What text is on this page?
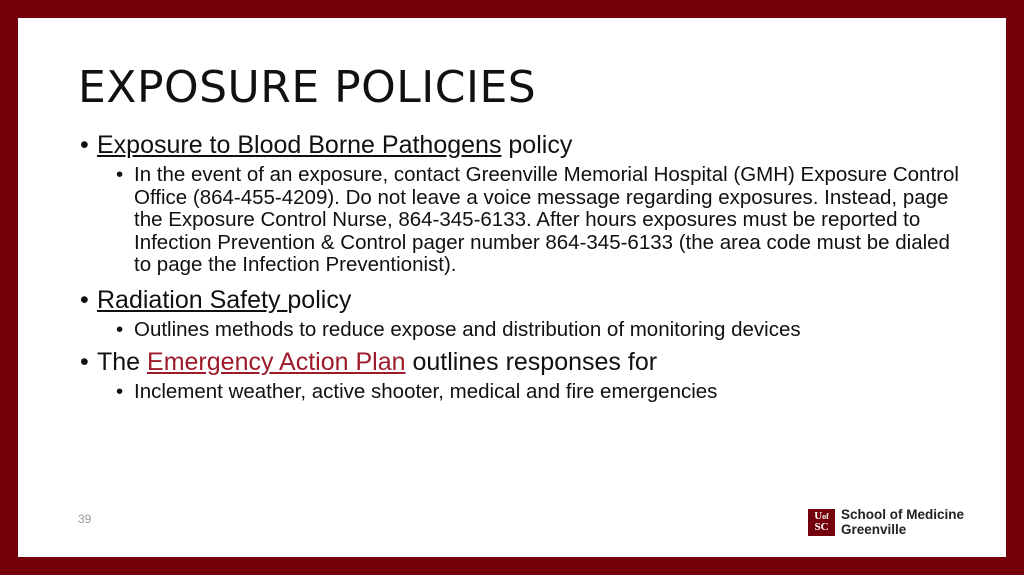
EXPOSURE POLICIES
• Exposure to Blood Borne Pathogens policy
• In the event of an exposure, contact Greenville Memorial Hospital (GMH) Exposure Control Office (864-455-4209). Do not leave a voice message regarding exposures. Instead, page the Exposure Control Nurse, 864-345-6133. After hours exposures must be reported to Infection Prevention & Control pager number 864-345-6133 (the area code must be dialed to page the Infection Preventionist).
• Radiation Safety policy
• Outlines methods to reduce expose and distribution of monitoring devices
• The Emergency Action Plan outlines responses for
• Inclement weather, active shooter, medical and fire emergencies
39	Uof
SC
School of Medicine
Greenville
